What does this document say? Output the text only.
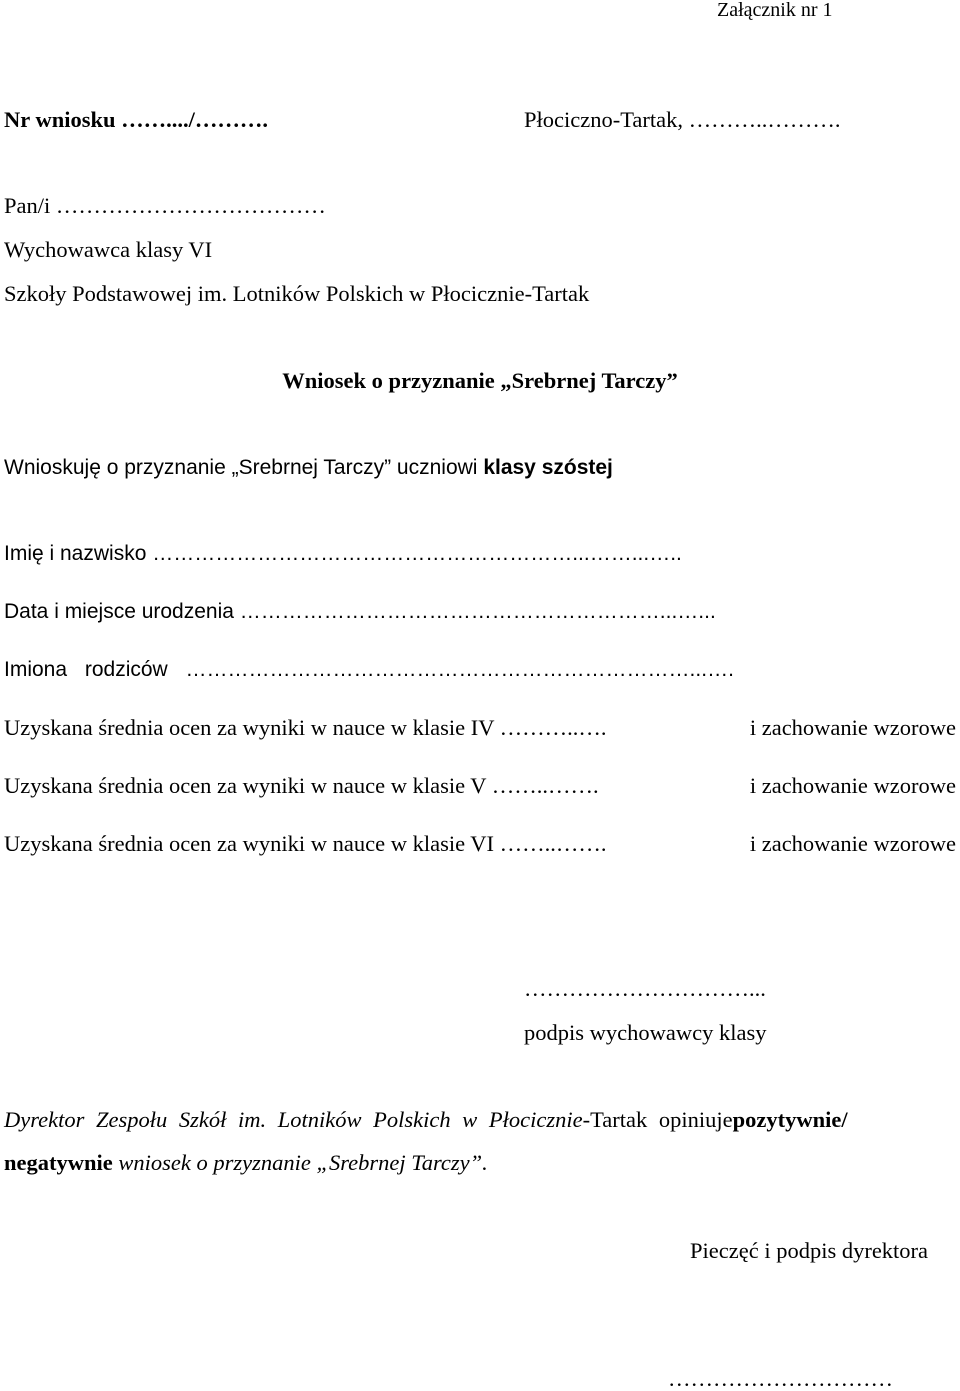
Załącznik nr 1
Nr wniosku ……..../……….	Płociczno-Tartak, ………..……….
Pan/i ………………………………
Wychowawca klasy VI
Szkoły Podstawowej im. Lotników Polskich w Płocicznie-Tartak
Wniosek o przyznanie „Srebrnej Tarczy”
Wnioskuję o przyznanie „Srebrnej Tarczy” uczniowi klasy szóstej
Imię i nazwisko ……………………………………………………...……...…..
Data i miejsce urodzenia ……………………………………………………...…...
Imiona rodziców ………………………………………………………………...….
Uzyskana średnia ocen za wyniki w nauce w klasie IV ………..….	i zachowanie wzorowe
Uzyskana średnia ocen za wyniki w nauce w klasie V ……..…….	i zachowanie wzorowe
Uzyskana średnia ocen za wyniki w nauce w klasie VI ……..…….	i zachowanie wzorowe
…………………………...
podpis wychowawcy klasy
Dyrektor Zespołu Szkół im. Lotników Polskich w Płocicznie- Tartak opiniuje pozytywnie/
negatywnie wniosek o przyznanie „Srebrnej Tarczy”.
Pieczęć i podpis dyrektora
…………………………
